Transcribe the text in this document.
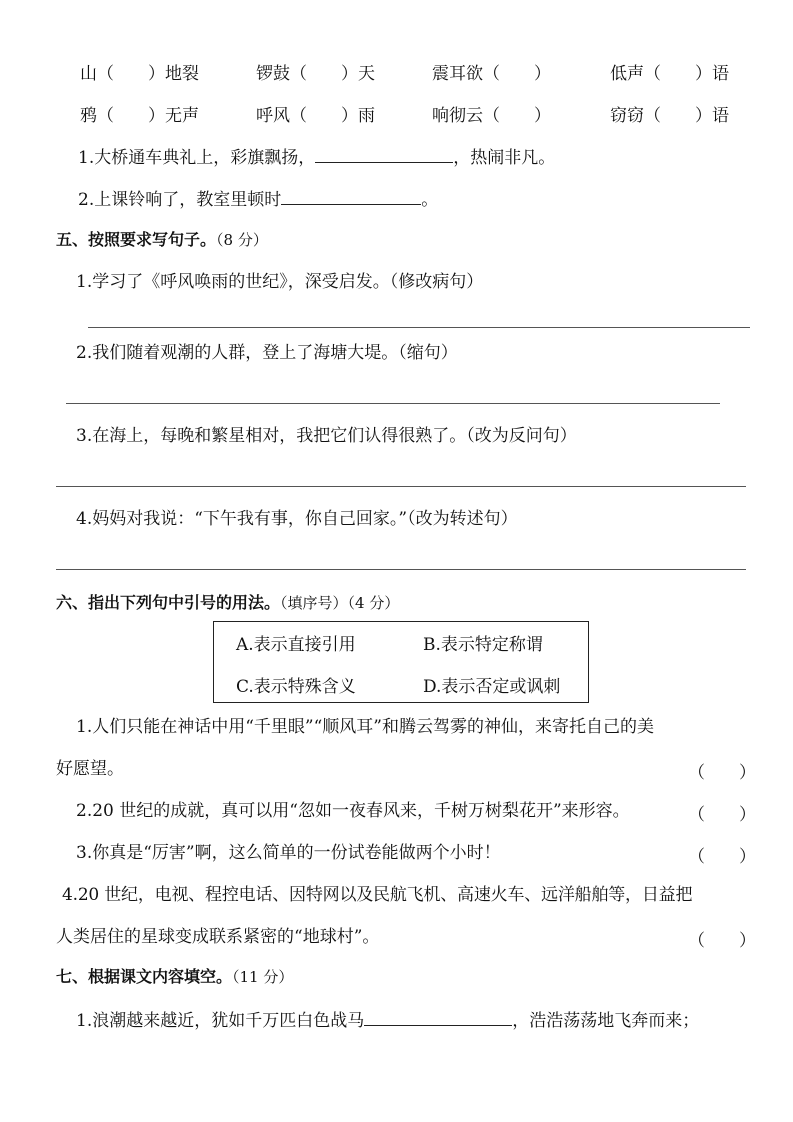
山（　　）地裂	锣鼓（　　）天	震耳欲（　　）	低声（　　）语
鸦（　　）无声	呼风（　　）雨	响彻云（　　）	窃窃（　　）语
1.大桥通车典礼上，彩旗飘扬，	，热闹非凡。
2.上课铃响了，教室里顿时	。
五、按照要求写句子。（8 分）
1.学习了《呼风唤雨的世纪》，深受启发。（修改病句）
2.我们随着观潮的人群，登上了海塘大堤。（缩句）
3.在海上，每晚和繁星相对，我把它们认得很熟了。（改为反问句）
4.妈妈对我说：“下午我有事，你自己回家。”（改为转述句）
六、指出下列句中引号的用法。（填序号）（4 分）
A.表示直接引用	B.表示特定称谓
C.表示特殊含义	D.表示否定或讽刺
1.人们只能在神话中用“千里眼”“顺风耳”和腾云驾雾的神仙，来寄托自己的美
好愿望。	（　　）
2.20 世纪的成就，真可以用“忽如一夜春风来，千树万树梨花开”来形容。	（　　）
3.你真是“厉害”啊，这么简单的一份试卷能做两个小时！	（　　）
4.20 世纪，电视、程控电话、因特网以及民航飞机、高速火车、远洋船舶等，日益把
人类居住的星球变成联系紧密的“地球村”。	（　　）
七、根据课文内容填空。（11 分）
1.浪潮越来越近，犹如千万匹白色战马	，浩浩荡荡地飞奔而来；
